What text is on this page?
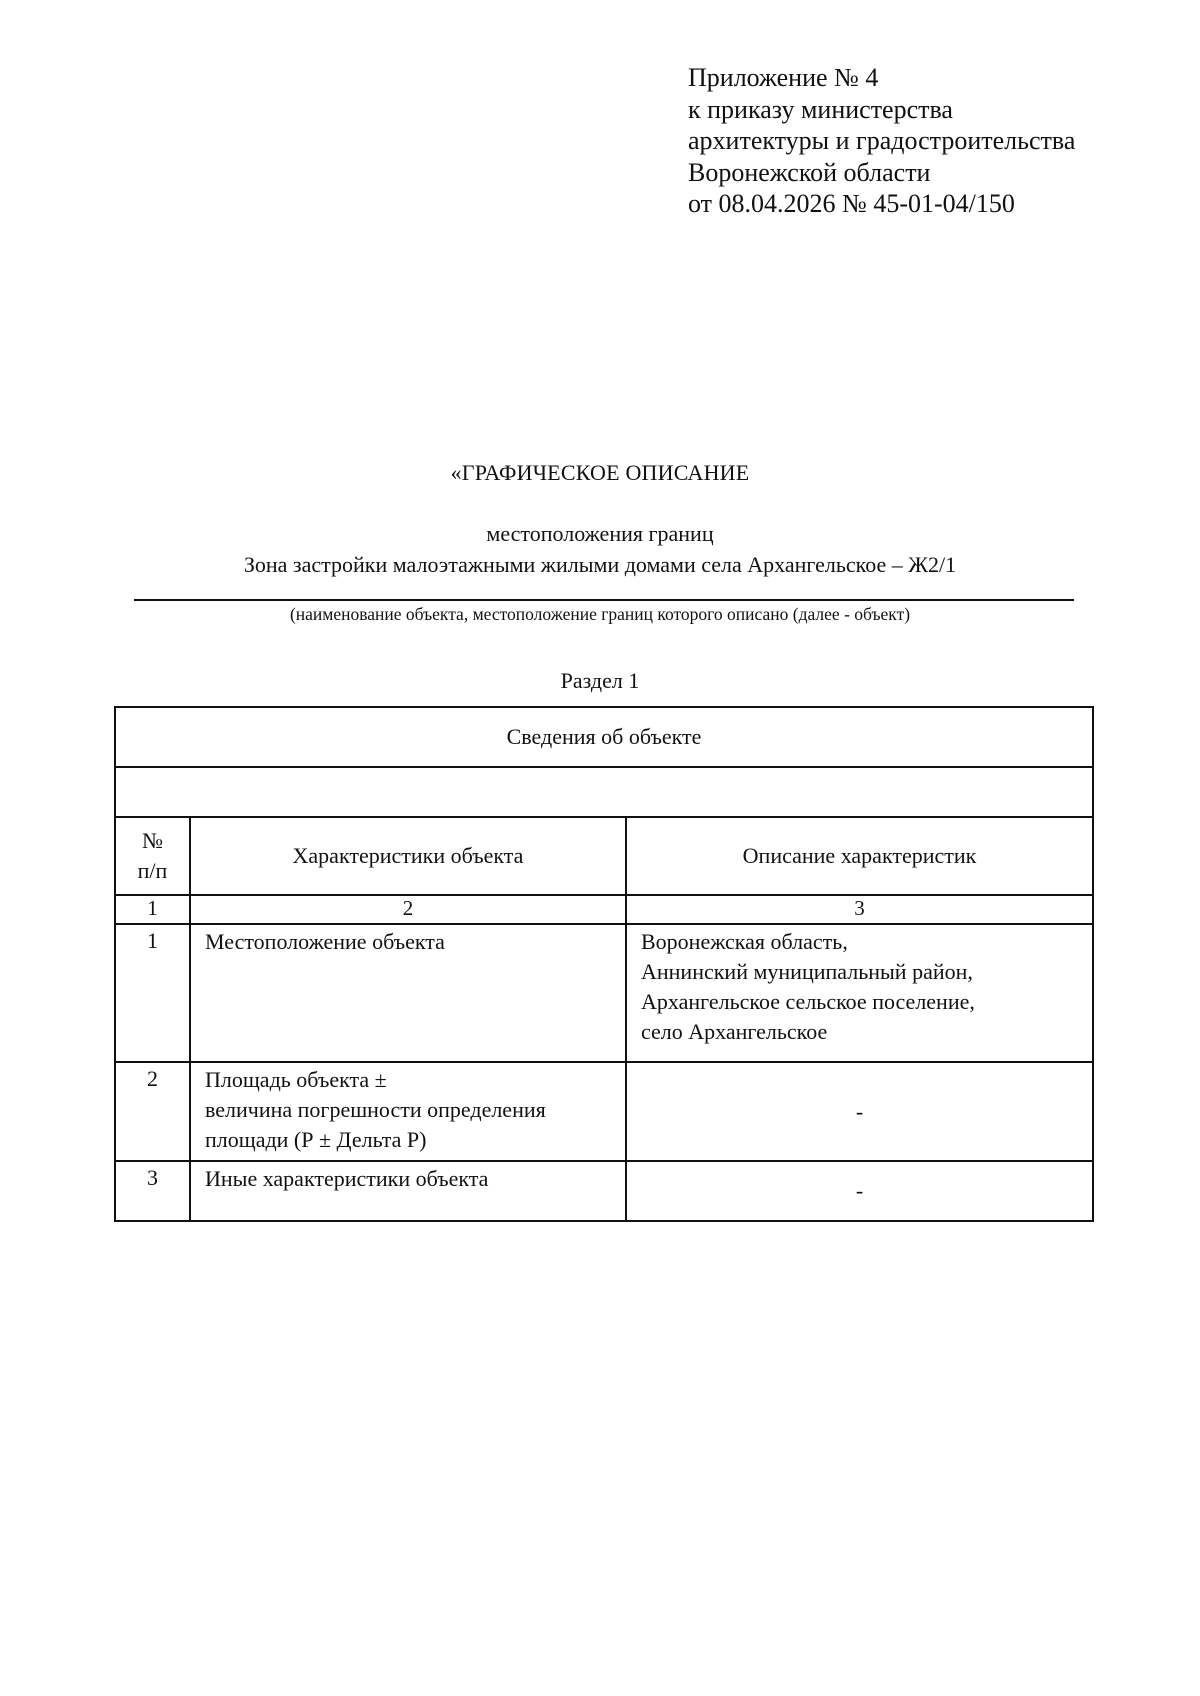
Приложение № 4
к приказу министерства
архитектуры и градостроительства
Воронежской области
от 08.04.2026 № 45-01-04/150
«ГРАФИЧЕСКОЕ ОПИСАНИЕ
местоположения границ
Зона застройки малоэтажными жилыми домами села Архангельское – Ж2/1
(наименование объекта, местоположение границ которого описано (далее - объект)
Раздел 1
Сведения об объекте		

№
п/п	Характеристики объекта	Описание характеристик
1	2	3
1	Местоположение объекта	Воронежская область,
Аннинский муниципальный район,
Архангельское сельское поселение,
село Архангельское

2	Площадь объекта ±
величина погрешности определения
площади (Р ± Дельта Р)	-
3	Иные характеристики объекта	-
